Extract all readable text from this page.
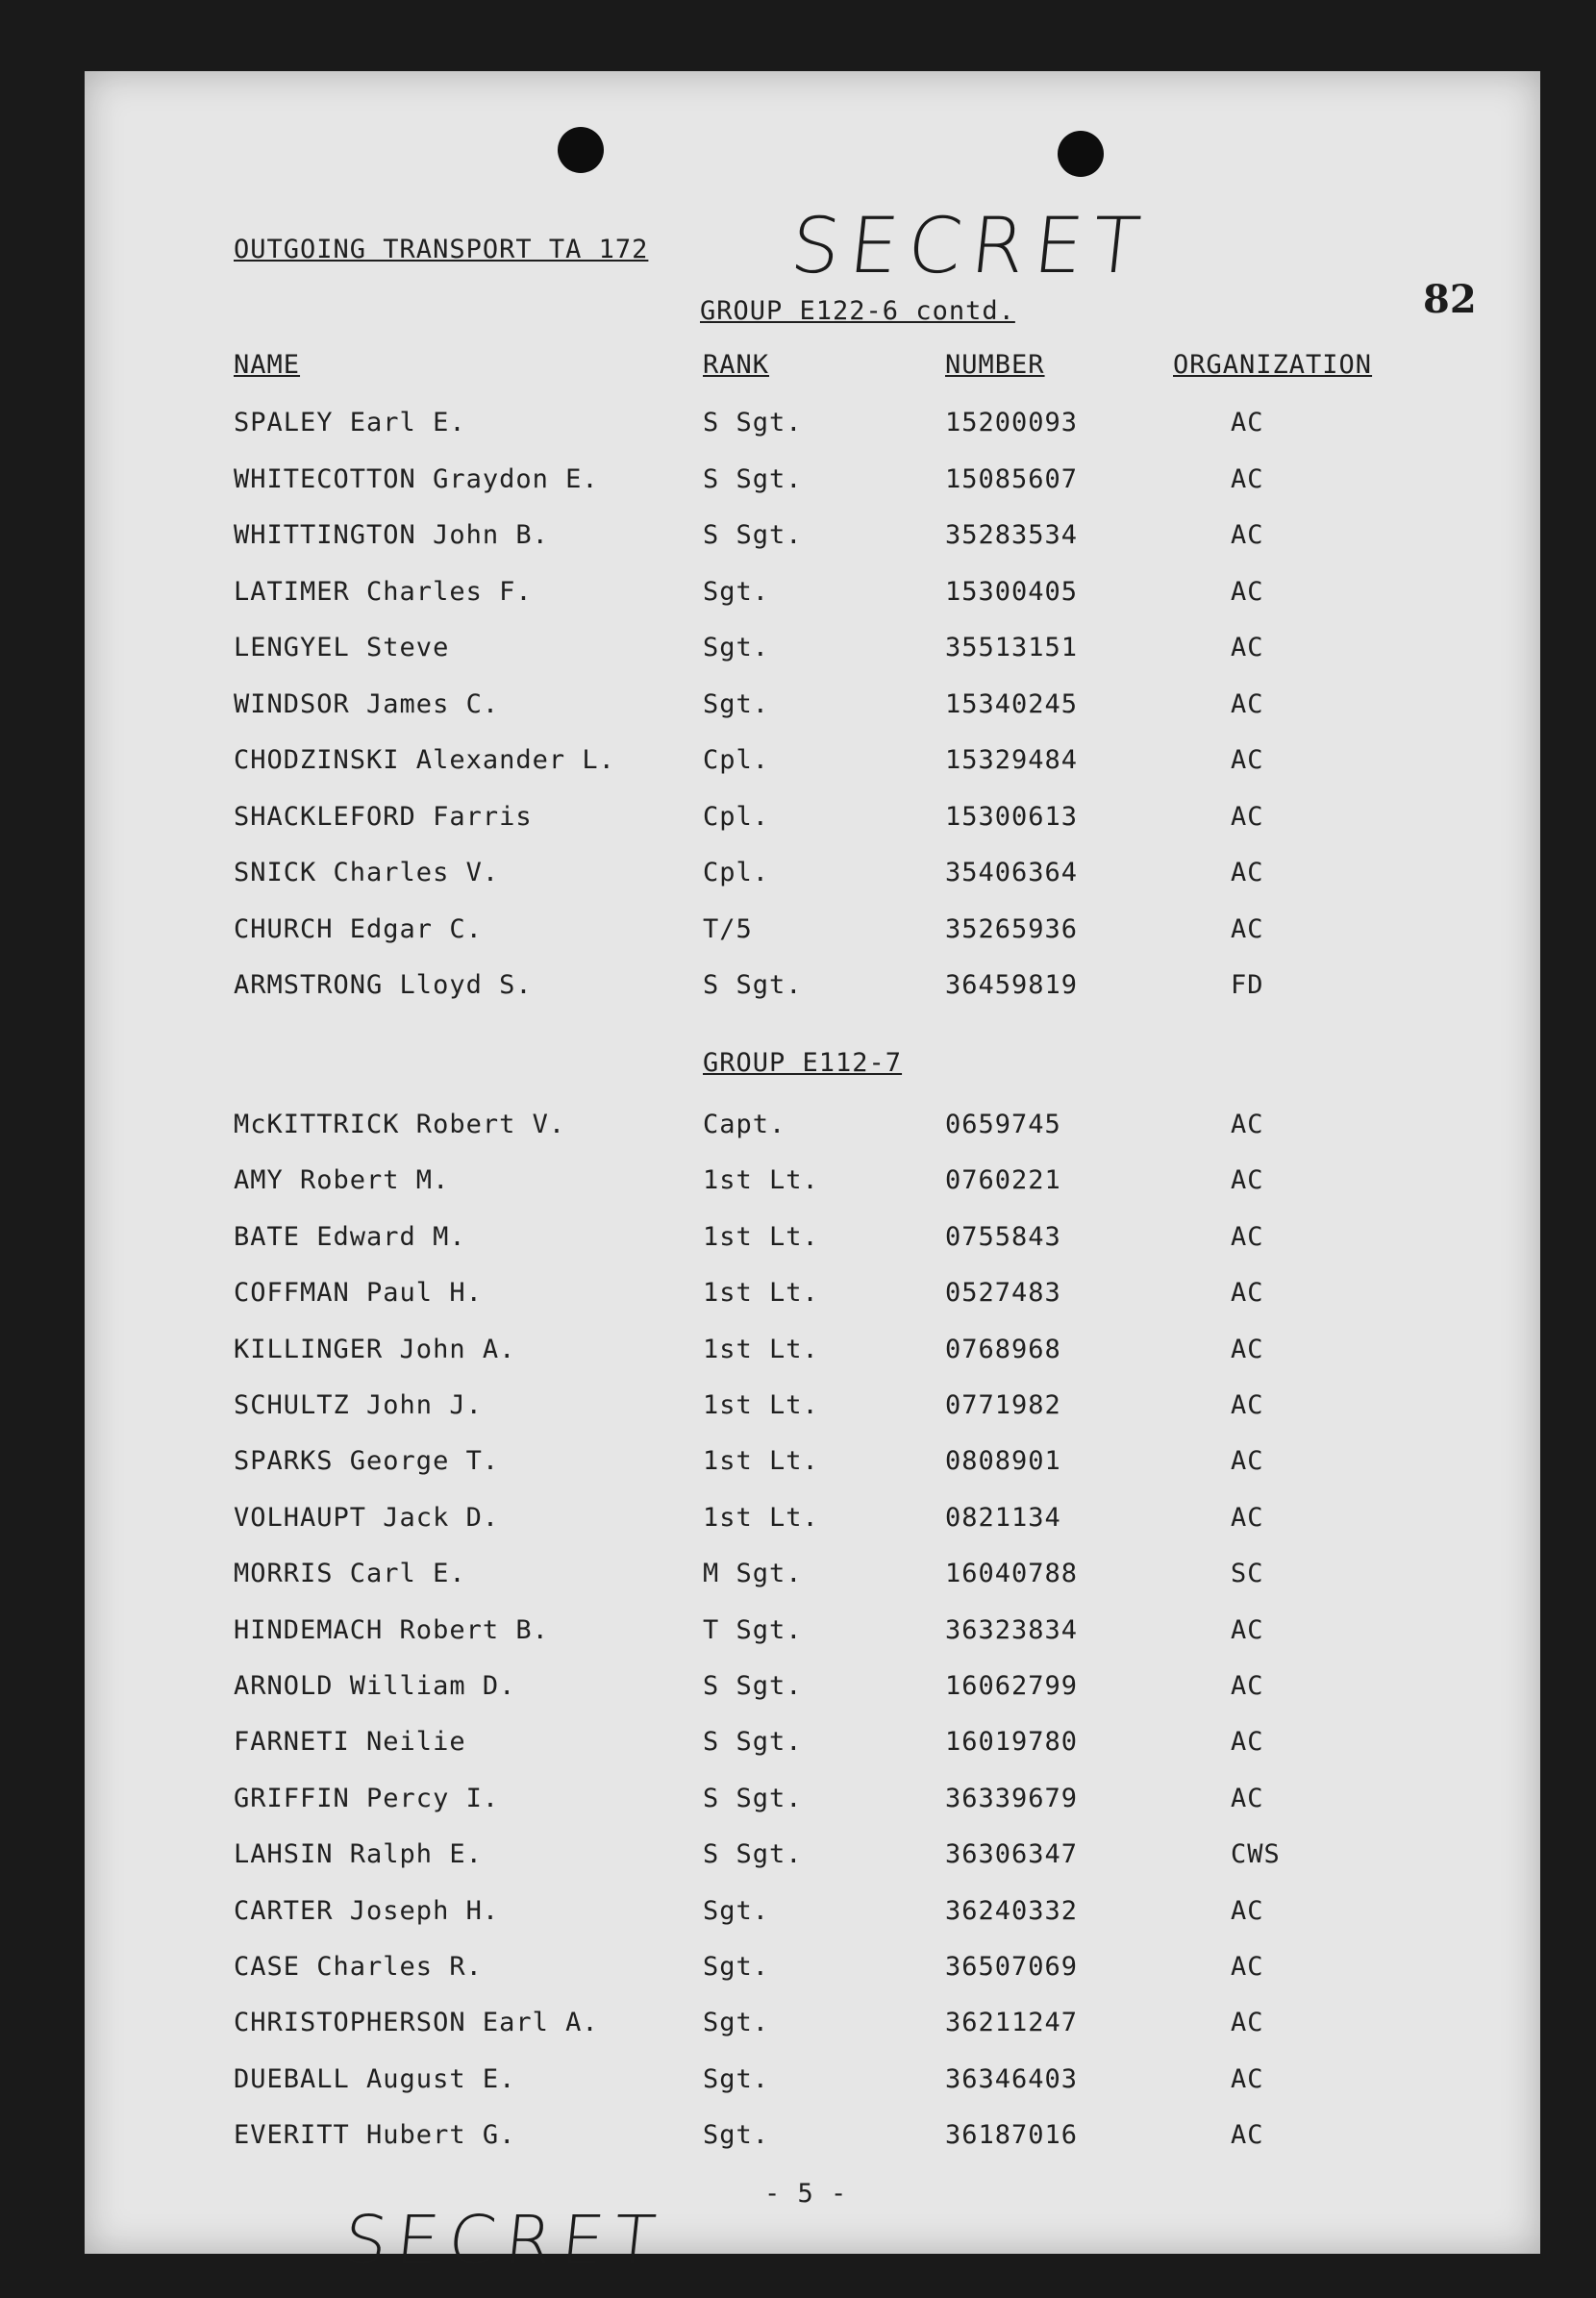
OUTGOING TRANSPORT TA 172 SECRET
82
GROUP E122-6 contd.
NAME	RANK	NUMBER	ORGANIZATION
SPALEY Earl E.	S Sgt.	15200093	AC
WHITECOTTON Graydon E.	S Sgt.	15085607	AC
WHITTINGTON John B.	S Sgt.	35283534	AC
LATIMER Charles F.	Sgt.	15300405	AC
LENGYEL Steve	Sgt.	35513151	AC
WINDSOR James C.	Sgt.	15340245	AC
CHODZINSKI Alexander L.	Cpl.	15329484	AC
SHACKLEFORD Farris	Cpl.	15300613	AC
SNICK Charles V.	Cpl.	35406364	AC
CHURCH Edgar C.	T/5	35265936	AC
ARMSTRONG Lloyd S.	S Sgt.	36459819	FD
GROUP E112-7
McKITTRICK Robert V.	Capt.	0659745	AC
AMY Robert M.	1st Lt.	0760221	AC
BATE Edward M.	1st Lt.	0755843	AC
COFFMAN Paul H.	1st Lt.	0527483	AC
KILLINGER John A.	1st Lt.	0768968	AC
SCHULTZ John J.	1st Lt.	0771982	AC
SPARKS George T.	1st Lt.	0808901	AC
VOLHAUPT Jack D.	1st Lt.	0821134	AC
MORRIS Carl E.	M Sgt.	16040788	SC
HINDEMACH Robert B.	T Sgt.	36323834	AC
ARNOLD William D.	S Sgt.	16062799	AC
FARNETI Neilie	S Sgt.	16019780	AC
GRIFFIN Percy I.	S Sgt.	36339679	AC
LAHSIN Ralph E.	S Sgt.	36306347	CWS
CARTER Joseph H.	Sgt.	36240332	AC
CASE Charles R.	Sgt.	36507069	AC
CHRISTOPHERSON Earl A.	Sgt.	36211247	AC
DUEBALL August E.	Sgt.	36346403	AC
EVERITT Hubert G.	Sgt.	36187016	AC
- 5 -
SECRET
